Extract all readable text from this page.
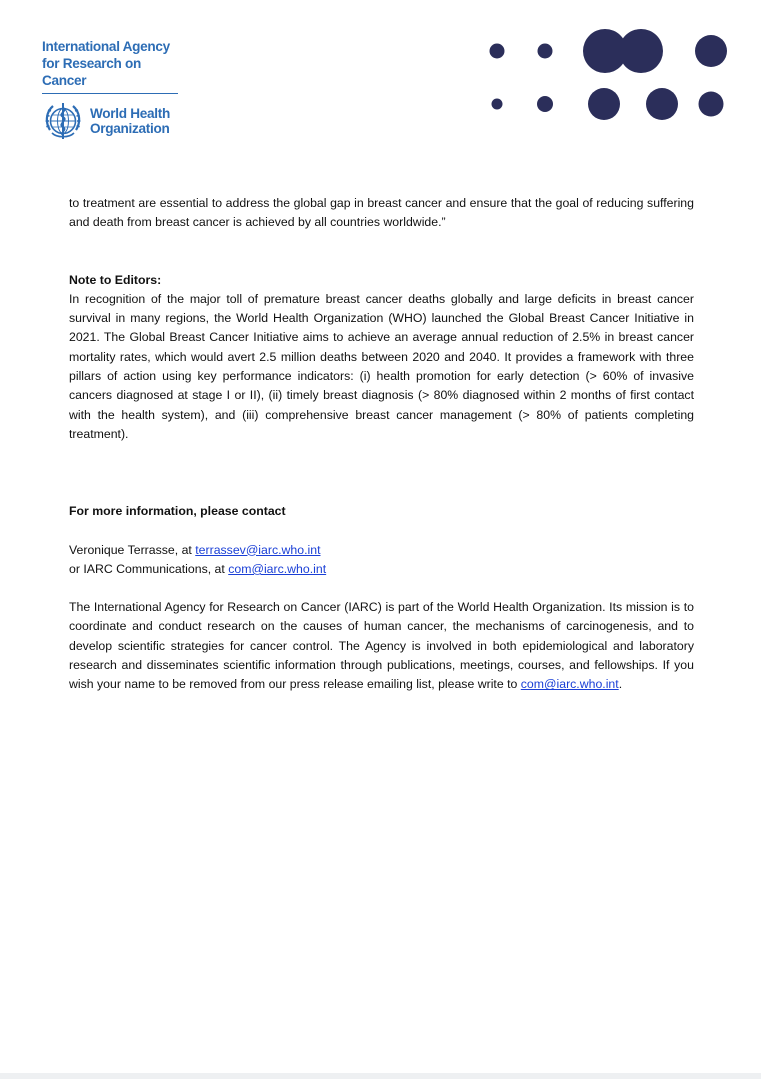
International Agency
for Research on Cancer
World Health
Organization

to treatment are essential to address the global gap in breast cancer and ensure that the goal of reducing suffering and death from breast cancer is achieved by all countries worldwide.”

Note to Editors:

In recognition of the major toll of premature breast cancer deaths globally and large deficits in breast cancer survival in many regions, the World Health Organization (WHO) launched the Global Breast Cancer Initiative in 2021. The Global Breast Cancer Initiative aims to achieve an average annual reduction of 2.5% in breast cancer mortality rates, which would avert 2.5 million deaths between 2020 and 2040. It provides a framework with three pillars of action using key performance indicators: (i) health promotion for early detection (> 60% of invasive cancers diagnosed at stage I or II), (ii) timely breast diagnosis (> 80% diagnosed within 2 months of first contact with the health system), and (iii) comprehensive breast cancer management (> 80% of patients completing treatment).

For more information, please contact
Veronique Terrasse, at terrassev@iarc.who.int
or IARC Communications, at com@iarc.who.int

The International Agency for Research on Cancer (IARC) is part of the World Health Organization. Its mission is to coordinate and conduct research on the causes of human cancer, the mechanisms of carcinogenesis, and to develop scientific strategies for cancer control. The Agency is involved in both epidemiological and laboratory research and disseminates scientific information through publications, meetings, courses, and fellowships. If you wish your name to be removed from our press release emailing list, please write to com@iarc.who.int.
